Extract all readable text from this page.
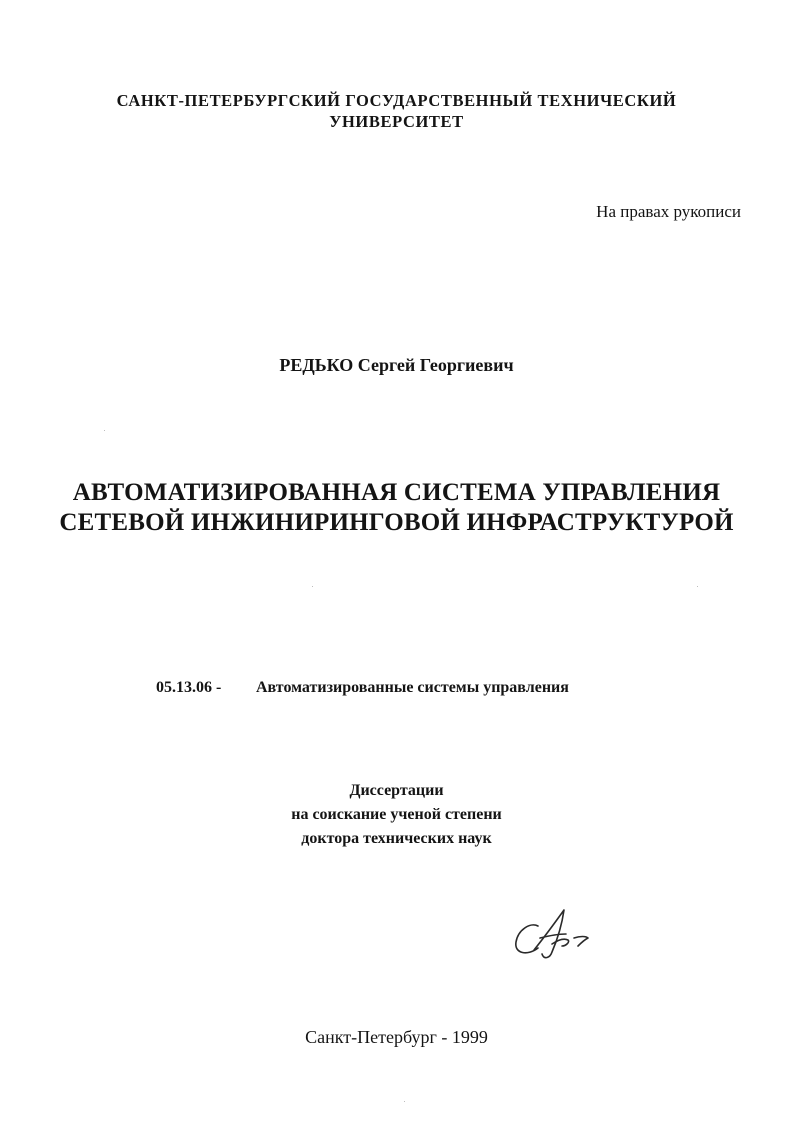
САНКТ-ПЕТЕРБУРГСКИЙ ГОСУДАРСТВЕННЫЙ ТЕХНИЧЕСКИЙ
УНИВЕРСИТЕТ
На правах рукописи
РЕДЬКО Сергей Георгиевич
АВТОМАТИЗИРОВАННАЯ СИСТЕМА УПРАВЛЕНИЯ
СЕТЕВОЙ ИНЖИНИРИНГОВОЙ ИНФРАСТРУКТУРОЙ
05.13.06 - Автоматизированные системы управления
Диссертации
на соискание ученой степени
доктора технических наук
Санкт-Петербург - 1999
